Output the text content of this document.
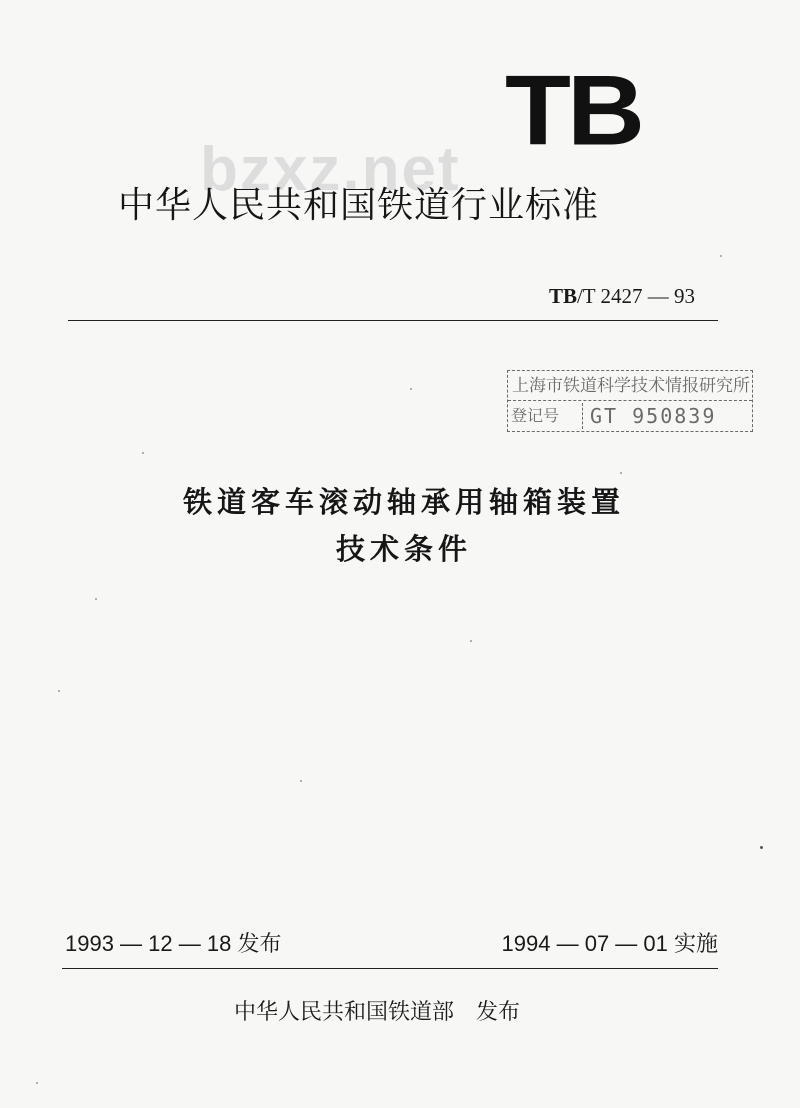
bzxz.net
TB
中华人民共和国铁道行业标准
TB/T 2427 — 93
上海市铁道科学技术情报研究所
登记号	GT 950839
铁道客车滚动轴承用轴箱装置
技术条件
1993 — 12 — 18 发布	1994 — 07 — 01 实施
中华人民共和国铁道部 发布
